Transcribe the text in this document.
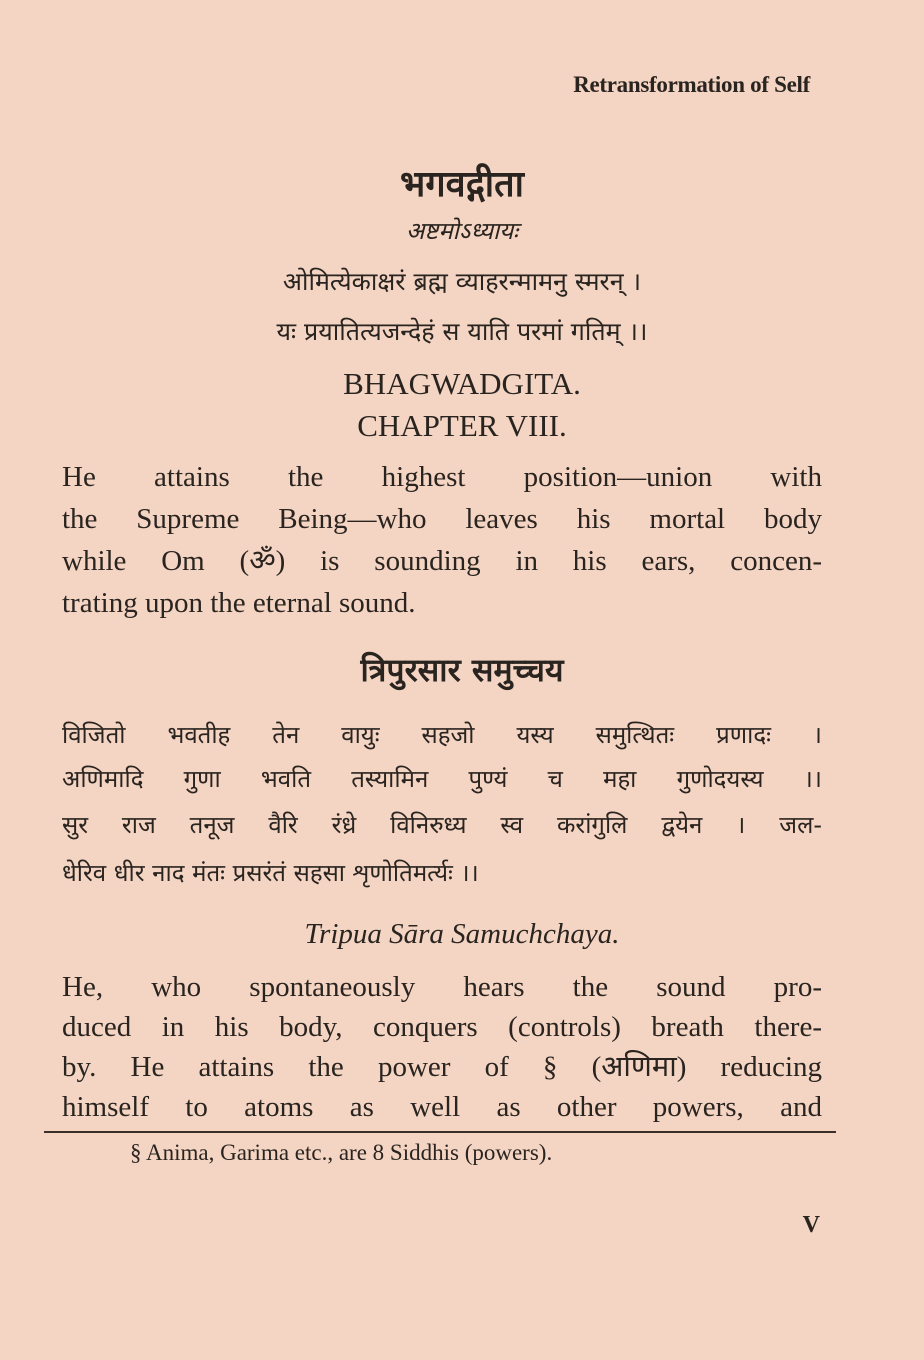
Retransformation of Self
भगवद्गीता
अष्टमोऽध्यायः
ओमित्येकाक्षरं ब्रह्म व्याहरन्मामनु स्मरन् ।
यः प्रयातित्यजन्देहं स याति परमां गतिम् ।।
BHAGWADGITA.
CHAPTER VIII.

He attains the highest position—union with

the Supreme Being—who leaves his mortal body

while Om (ॐ) is sounding in his ears, concen-

trating upon the eternal sound.

त्रिपुरसार समुच्चय
विजितो भवतीह तेन वायुः सहजो यस्य समुत्थितः प्रणादः ।
अणिमादि गुणा भवति तस्यामिन पुण्यं च महा गुणोदयस्य ।।
सुर राज तनूज वैरि रंध्रे विनिरुध्य स्व करांगुलि द्वयेन । जल-
धेरिव धीर नाद मंतः प्रसरंतं सहसा शृणोतिमर्त्यः ।।
Tripua Sāra Samuchchaya.

He, who spontaneously hears the sound pro-

duced in his body, conquers (controls) breath there-

by. He attains the power of § (अणिमा) reducing

himself to atoms as well as other powers, and

§ Anima, Garima etc., are 8 Siddhis (powers).
V
